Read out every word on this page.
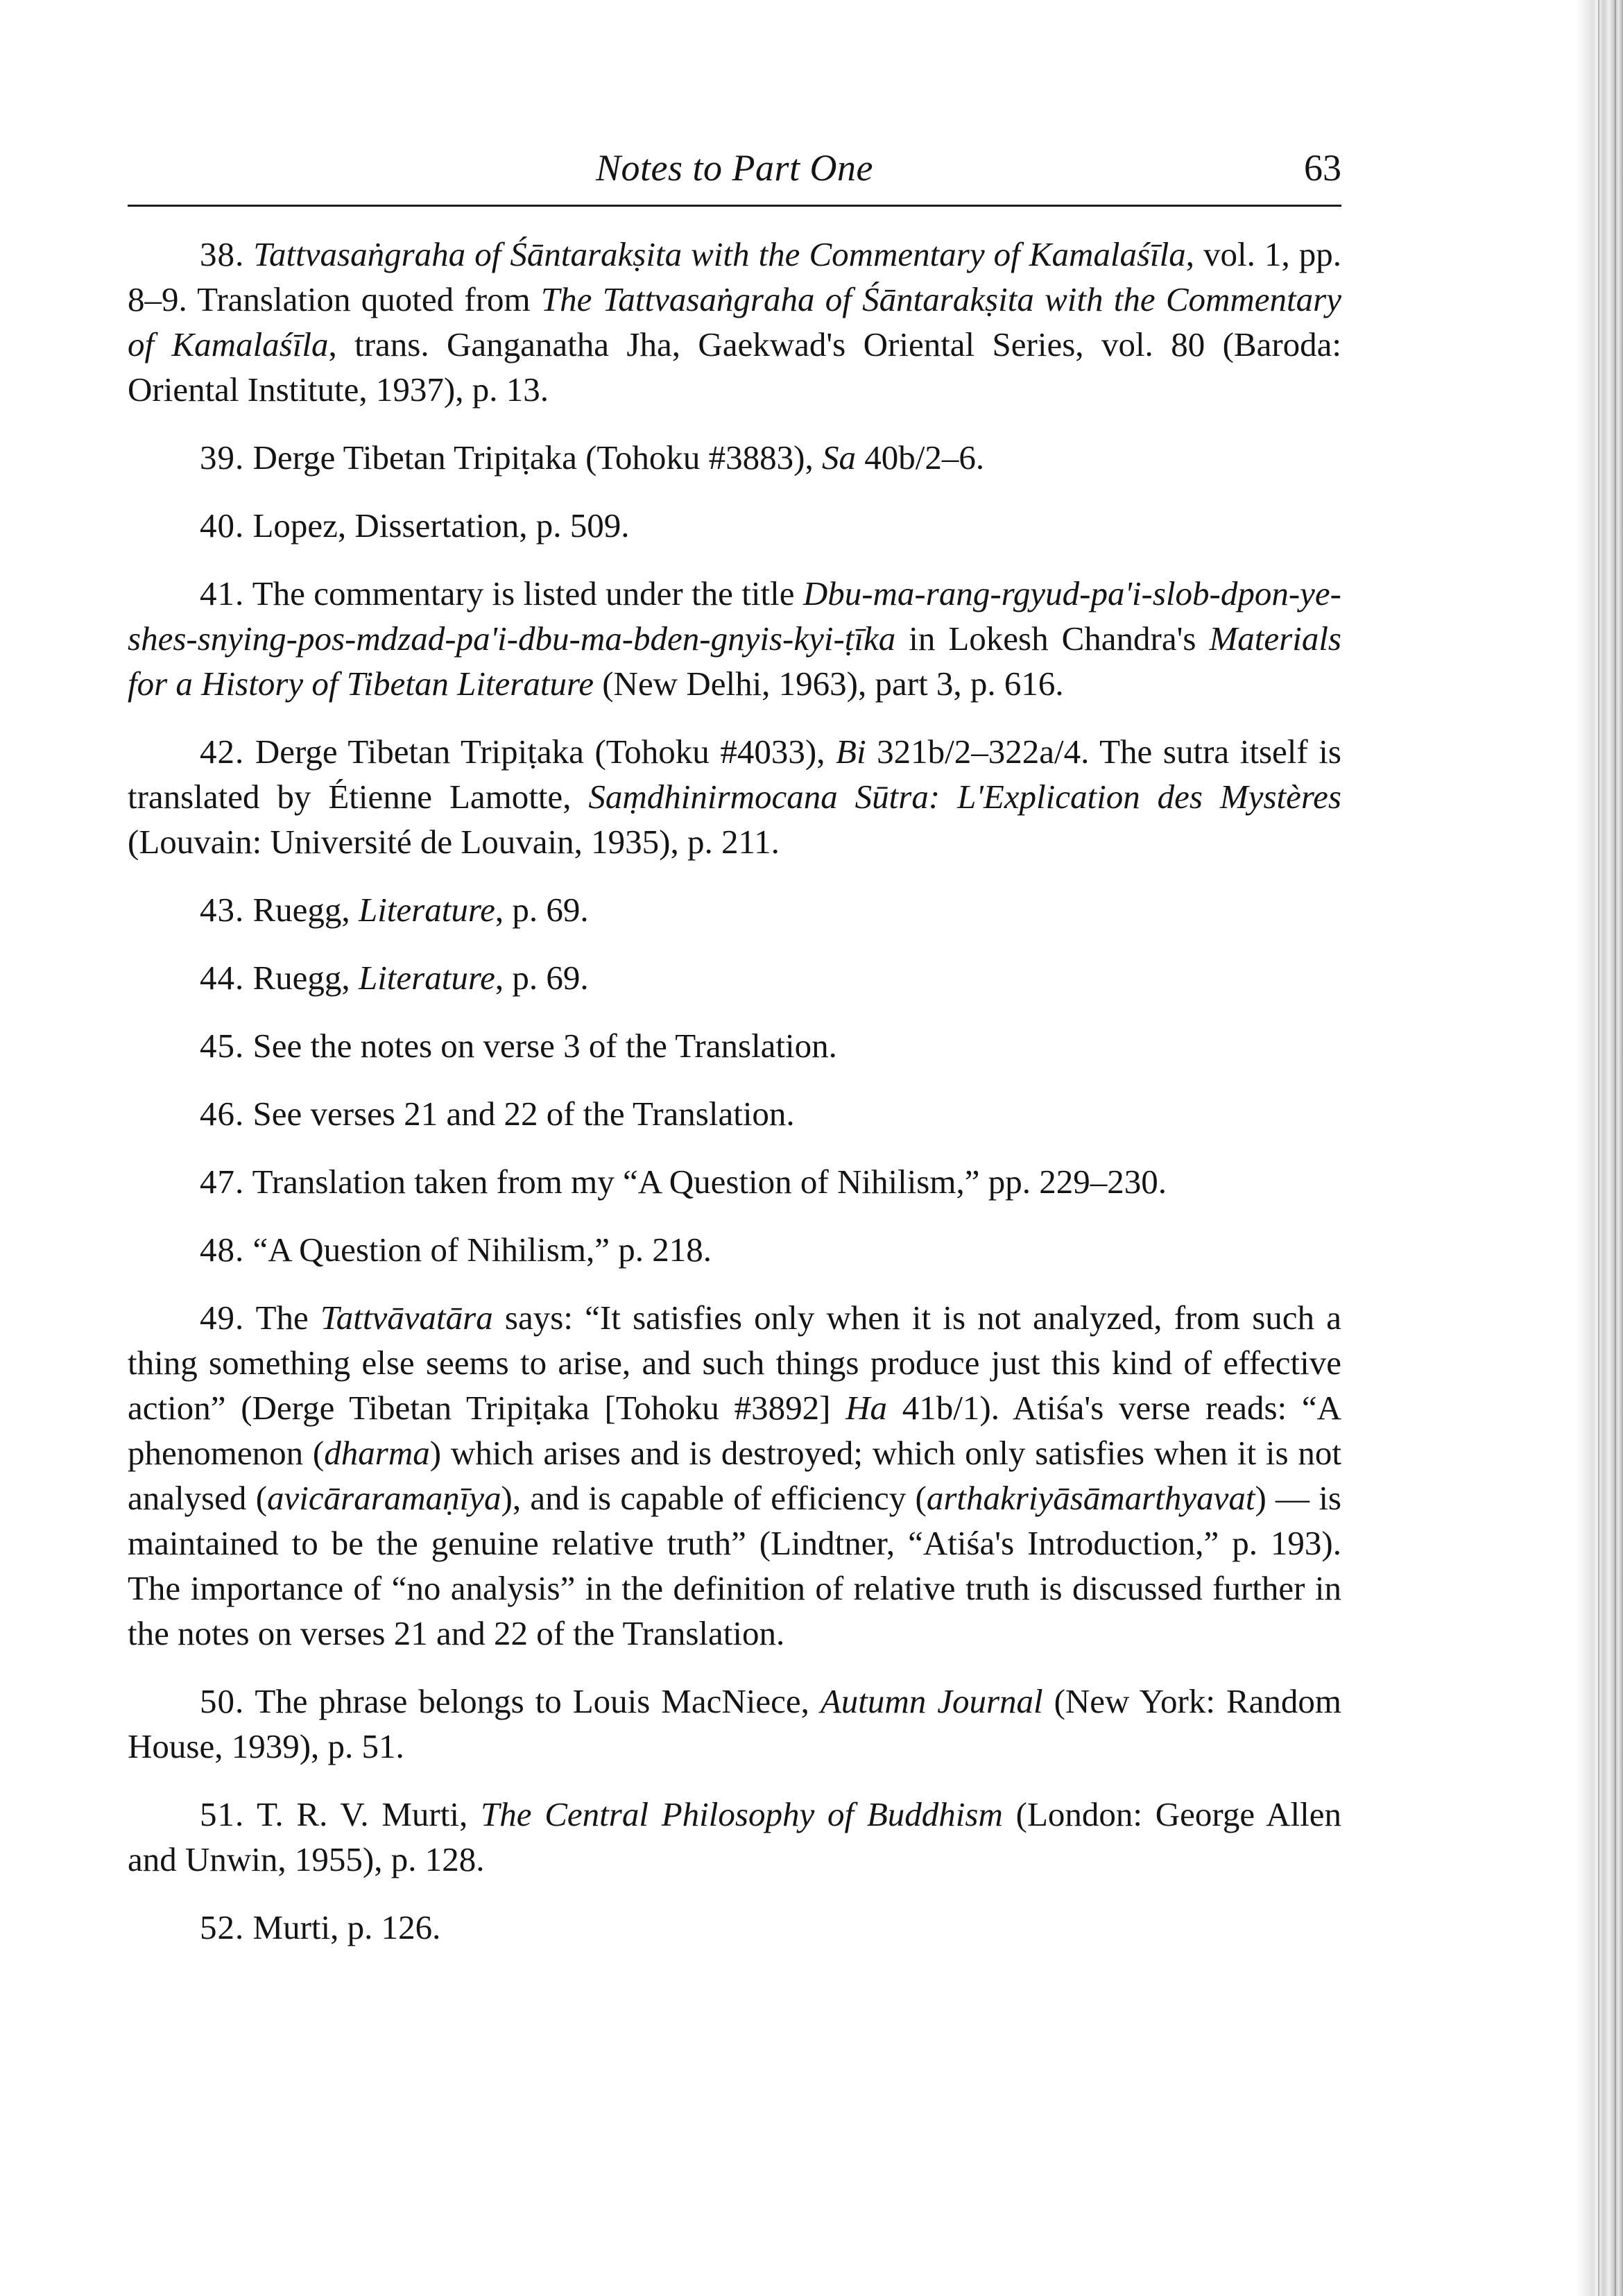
Notes to Part One	63

38. Tattvasaṅgraha of Śāntarakṣita with the Commentary of Kamalaśīla, vol. 1, pp. 8–9. Translation quoted from The Tattvasaṅgraha of Śāntarakṣita with the Commentary of Kamalaśīla, trans. Ganganatha Jha, Gaekwad's Oriental Series, vol. 80 (Baroda: Oriental Institute, 1937), p. 13.

39. Derge Tibetan Tripiṭaka (Tohoku #3883), Sa 40b/2–6.

40. Lopez, Dissertation, p. 509.

41. The commentary is listed under the title Dbu-ma-rang-rgyud-pa'i-slob-dpon-ye-shes-snying-pos-mdzad-pa'i-dbu-ma-bden-gnyis-kyi-ṭīka in Lokesh Chandra's Materials for a History of Tibetan Literature (New Delhi, 1963), part 3, p. 616.

42. Derge Tibetan Tripiṭaka (Tohoku #4033), Bi 321b/2–322a/4. The sutra itself is translated by Étienne Lamotte, Saṃdhinirmocana Sūtra: L'Explication des Mystères (Louvain: Université de Louvain, 1935), p. 211.

43. Ruegg, Literature, p. 69.

44. Ruegg, Literature, p. 69.

45. See the notes on verse 3 of the Translation.

46. See verses 21 and 22 of the Translation.

47. Translation taken from my “A Question of Nihilism,” pp. 229–230.

48. “A Question of Nihilism,” p. 218.

49. The Tattvāvatāra says: “It satisfies only when it is not analyzed, from such a thing something else seems to arise, and such things produce just this kind of effective action” (Derge Tibetan Tripiṭaka [Tohoku #3892] Ha 41b/1). Atiśa's verse reads: “A phenomenon (dharma) which arises and is destroyed; which only satisfies when it is not analysed (avicāraramaṇīya), and is capable of efficiency (arthakriyāsāmarthyavat) — is maintained to be the genuine relative truth” (Lindtner, “Atiśa's Introduction,” p. 193). The importance of “no analysis” in the definition of relative truth is discussed further in the notes on verses 21 and 22 of the Translation.

50. The phrase belongs to Louis MacNiece, Autumn Journal (New York: Random House, 1939), p. 51.

51. T. R. V. Murti, The Central Philosophy of Buddhism (London: George Allen and Unwin, 1955), p. 128.

52. Murti, p. 126.
